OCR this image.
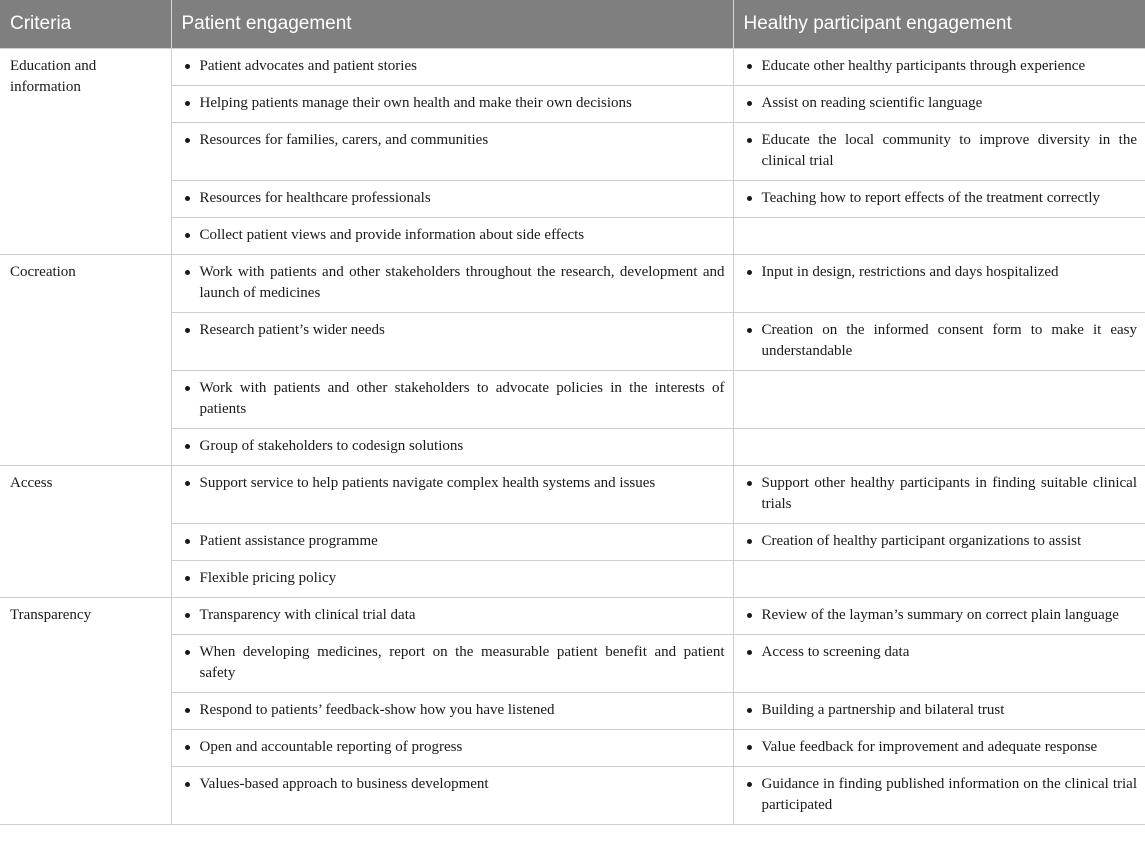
Criteria	Patient engagement	Healthy participant engagement
Education and information	Patient advocates and patient stories	Educate other healthy participants through experience

	Helping patients manage their own health and make their own decisions	Assist on reading scientific language

	Resources for families, carers, and communities	Educate the local community to improve diversity in the clinical trial

	Resources for healthcare professionals	Teaching how to report effects of the treatment correctly

	Collect patient views and provide information about side effects	

Cocreation	Work with patients and other stakeholders throughout the research, development and launch of medicines	Input in design, restrictions and days hospitalized

	Research patient’s wider needs	Creation on the informed consent form to make it easy understandable

	Work with patients and other stakeholders to advocate policies in the interests of patients	

	Group of stakeholders to codesign solutions	

Access	Support service to help patients navigate complex health systems and issues	Support other healthy participants in finding suitable clinical trials

	Patient assistance programme	Creation of healthy participant organizations to assist

	Flexible pricing policy	

Transparency	Transparency with clinical trial data	Review of the layman’s summary on correct plain language

	When developing medicines, report on the measurable patient benefit and patient safety	Access to screening data

	Respond to patients’ feedback-show how you have listened	Building a partnership and bilateral trust

	Open and accountable reporting of progress	Value feedback for improvement and adequate response

	Values-based approach to business development	Guidance in finding published information on the clinical trial participated
